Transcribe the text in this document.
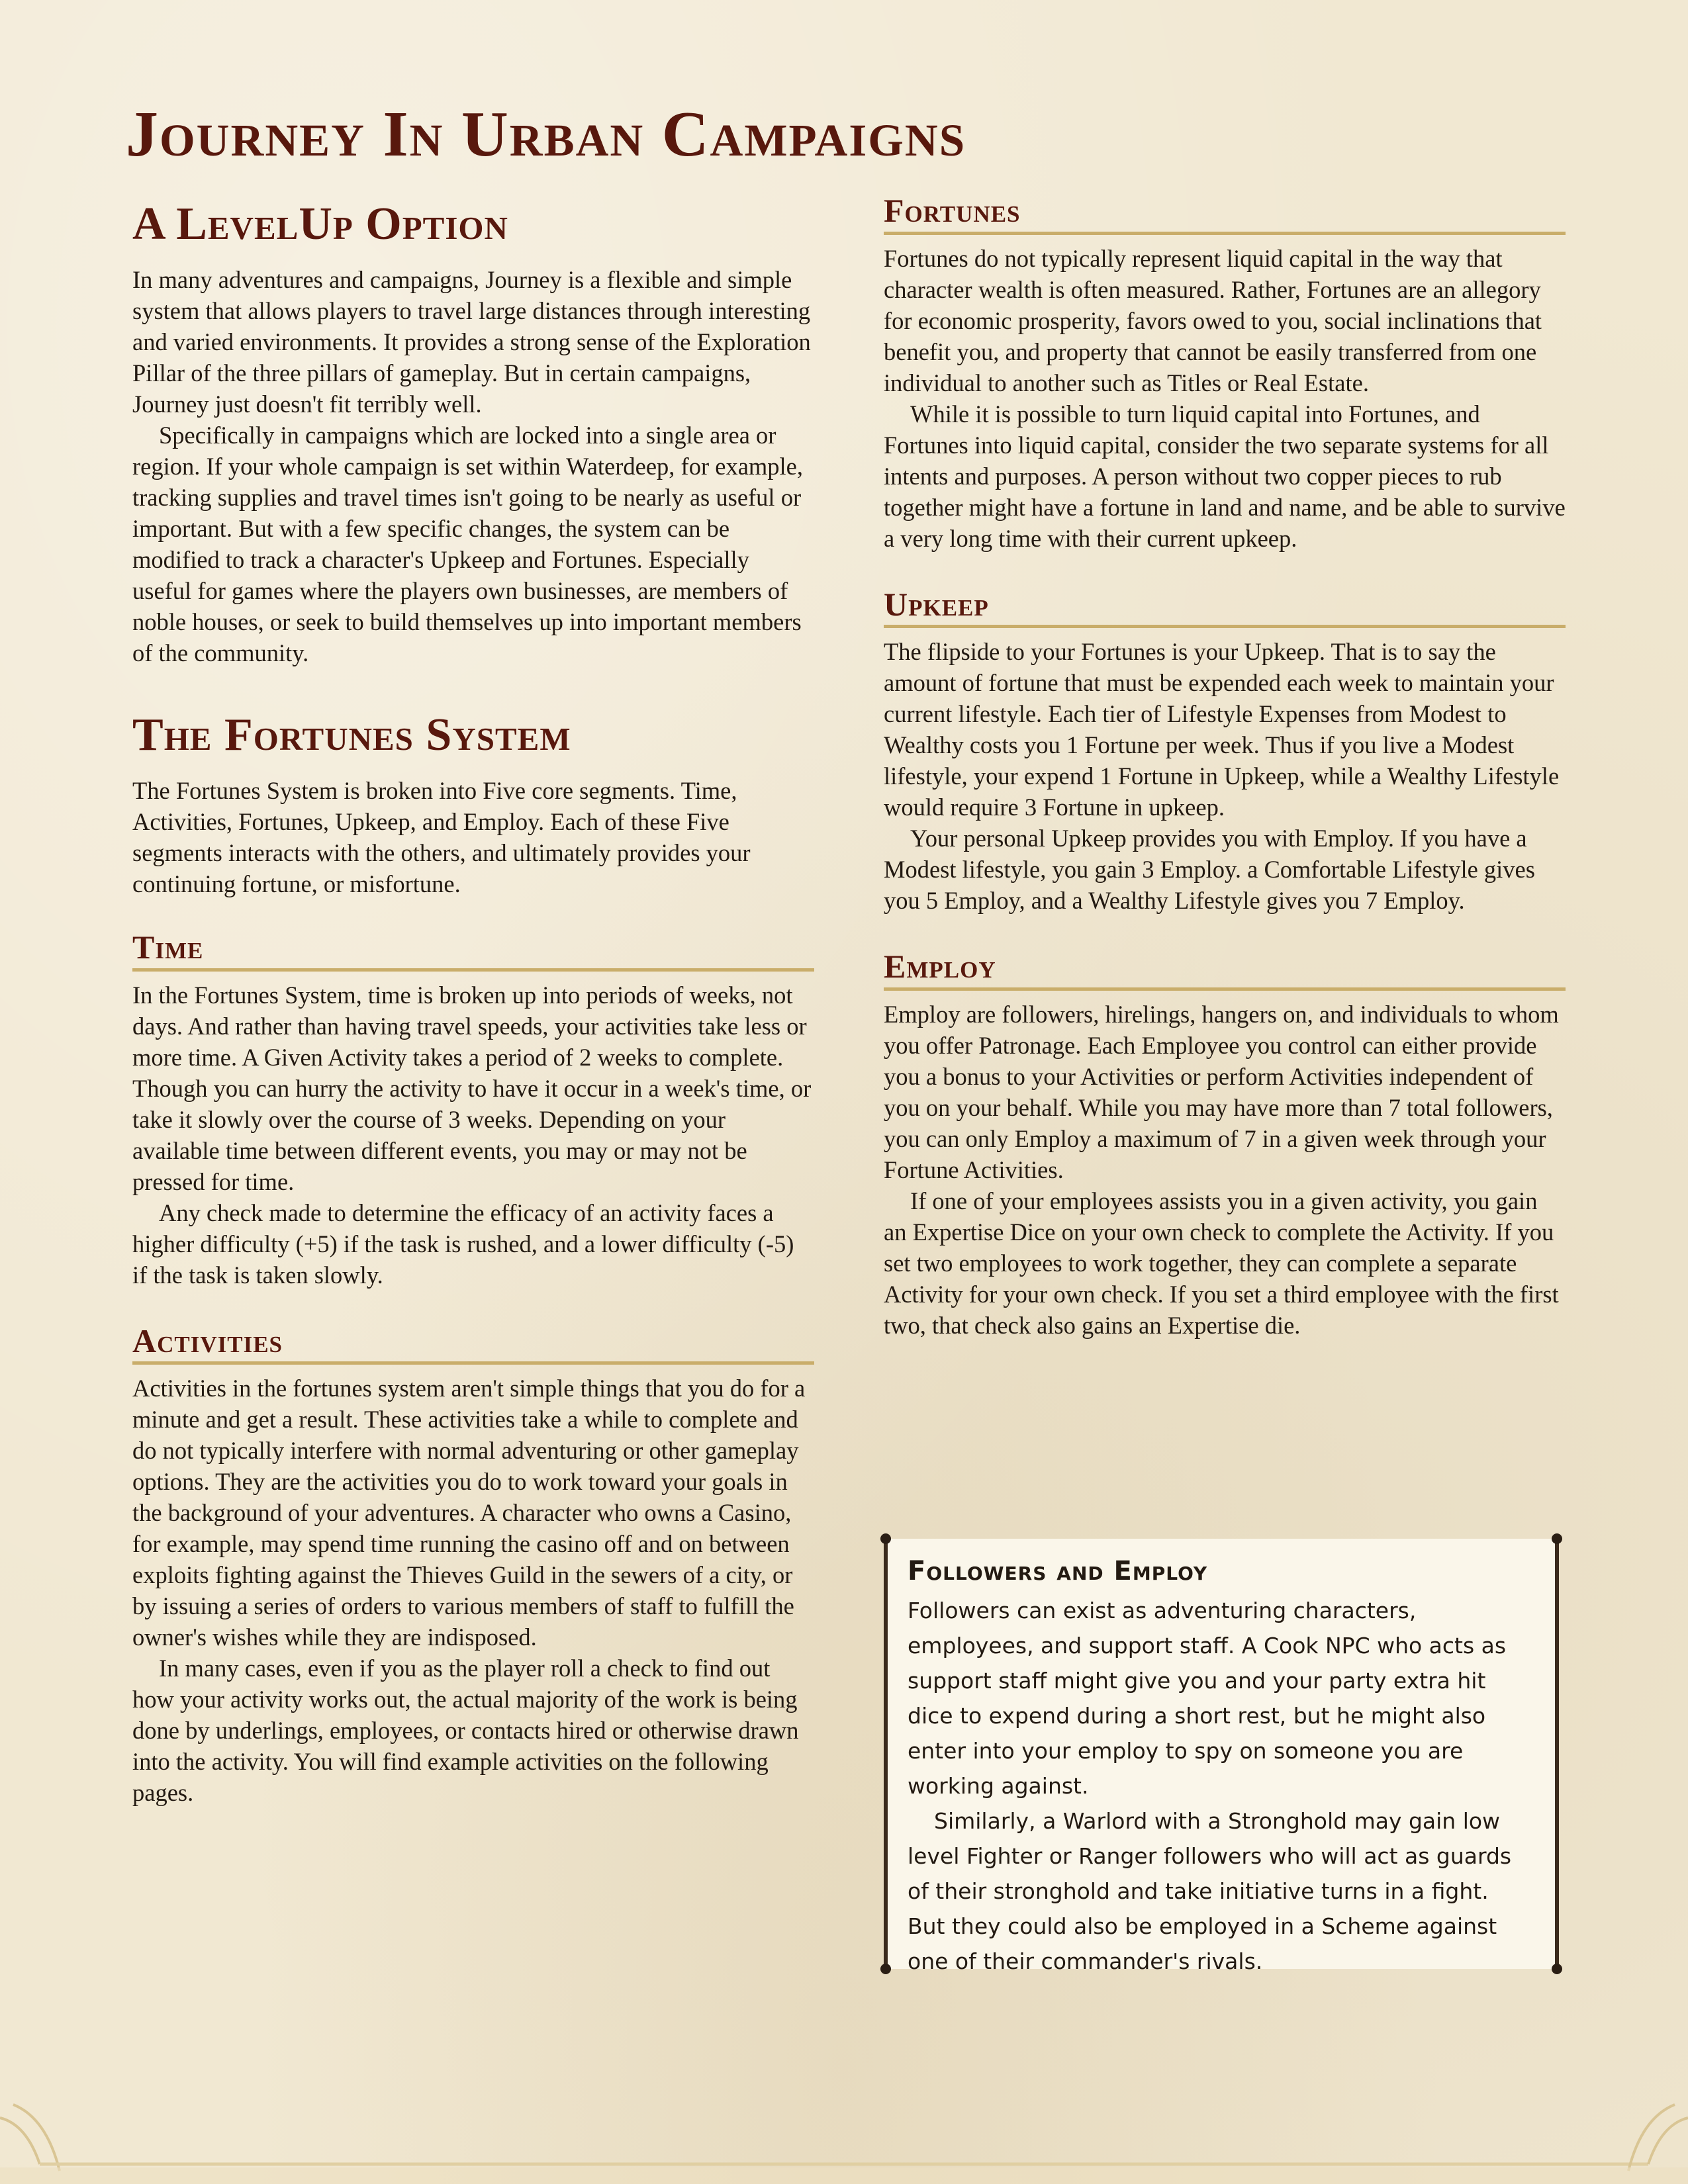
Journey In Urban Campaigns
A LevelUp Option

In many adventures and campaigns, Journey is a flexible and simple system that allows players to travel large distances through interesting and varied environments. It provides a strong sense of the Exploration Pillar of the three pillars of gameplay. But in certain campaigns, Journey just doesn't fit terribly well.

Specifically in campaigns which are locked into a single area or region. If your whole campaign is set within Waterdeep, for example, tracking supplies and travel times isn't going to be nearly as useful or important. But with a few specific changes, the system can be modified to track a character's Upkeep and Fortunes. Especially useful for games where the players own businesses, are members of noble houses, or seek to build themselves up into important members of the community.

The Fortunes System

The Fortunes System is broken into Five core segments. Time, Activities, Fortunes, Upkeep, and Employ. Each of these Five segments interacts with the others, and ultimately provides your continuing fortune, or misfortune.

Time

In the Fortunes System, time is broken up into periods of weeks, not days. And rather than having travel speeds, your activities take less or more time. A Given Activity takes a period of 2 weeks to complete. Though you can hurry the activity to have it occur in a week's time, or take it slowly over the course of 3 weeks. Depending on your available time between different events, you may or may not be pressed for time.

Any check made to determine the efficacy of an activity faces a higher difficulty (+5) if the task is rushed, and a lower difficulty (-5) if the task is taken slowly.

Activities

Activities in the fortunes system aren't simple things that you do for a minute and get a result. These activities take a while to complete and do not typically interfere with normal adventuring or other gameplay options. They are the activities you do to work toward your goals in the background of your adventures. A character who owns a Casino, for example, may spend time running the casino off and on between exploits fighting against the Thieves Guild in the sewers of a city, or by issuing a series of orders to various members of staff to fulfill the owner's wishes while they are indisposed.

In many cases, even if you as the player roll a check to find out how your activity works out, the actual majority of the work is being done by underlings, employees, or contacts hired or otherwise drawn into the activity. You will find example activities on the following pages.

Fortunes

Fortunes do not typically represent liquid capital in the way that character wealth is often measured. Rather, Fortunes are an allegory for economic prosperity, favors owed to you, social inclinations that benefit you, and property that cannot be easily transferred from one individual to another such as Titles or Real Estate.

While it is possible to turn liquid capital into Fortunes, and Fortunes into liquid capital, consider the two separate systems for all intents and purposes. A person without two copper pieces to rub together might have a fortune in land and name, and be able to survive a very long time with their current upkeep.

Upkeep

The flipside to your Fortunes is your Upkeep. That is to say the amount of fortune that must be expended each week to maintain your current lifestyle. Each tier of Lifestyle Expenses from Modest to Wealthy costs you 1 Fortune per week. Thus if you live a Modest lifestyle, your expend 1 Fortune in Upkeep, while a Wealthy Lifestyle would require 3 Fortune in upkeep.

Your personal Upkeep provides you with Employ. If you have a Modest lifestyle, you gain 3 Employ. a Comfortable Lifestyle gives you 5 Employ, and a Wealthy Lifestyle gives you 7 Employ.

Employ

Employ are followers, hirelings, hangers on, and individuals to whom you offer Patronage. Each Employee you control can either provide you a bonus to your Activities or perform Activities independent of you on your behalf. While you may have more than 7 total followers, you can only Employ a maximum of 7 in a given week through your Fortune Activities.

If one of your employees assists you in a given activity, you gain an Expertise Dice on your own check to complete the Activity. If you set two employees to work together, they can complete a separate Activity for your own check. If you set a third employee with the first two, that check also gains an Expertise die.

Followers and Employ

Followers can exist as adventuring characters, employees, and support staff. A Cook NPC who acts as support staff might give you and your party extra hit dice to expend during a short rest, but he might also enter into your employ to spy on someone you are working against.

Similarly, a Warlord with a Stronghold may gain low level Fighter or Ranger followers who will act as guards of their stronghold and take initiative turns in a fight. But they could also be employed in a Scheme against one of their commander's rivals.
